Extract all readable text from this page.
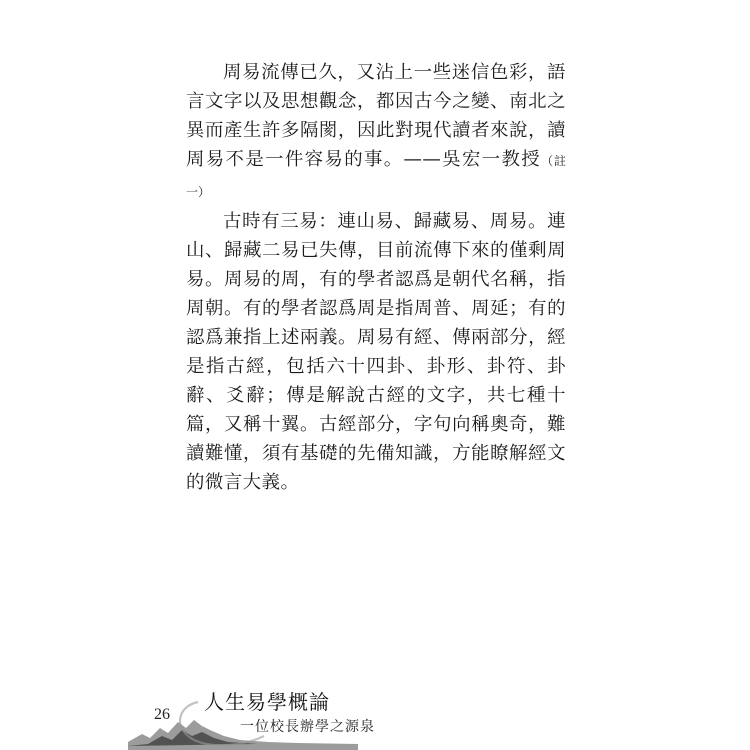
周易流傳已久，又沾上一些迷信色彩，語言文字以及思想觀念，都因古今之變、南北之異而產生許多隔閡，因此對現代讀者來說，讀周易不是一件容易的事。——吳宏一教授（註一）

古時有三易：連山易、歸藏易、周易。連山、歸藏二易已失傳，目前流傳下來的僅剩周易。周易的周，有的學者認爲是朝代名稱，指周朝。有的學者認爲周是指周普、周延；有的認爲兼指上述兩義。周易有經、傳兩部分，經是指古經，包括六十四卦、卦形、卦符、卦辭、爻辭；傳是解說古經的文字，共七種十篇，又稱十翼。古經部分，字句向稱奧奇，難讀難懂，須有基礎的先備知識，方能瞭解經文的微言大義。

26
人生易學概論
一位校長辦學之源泉
